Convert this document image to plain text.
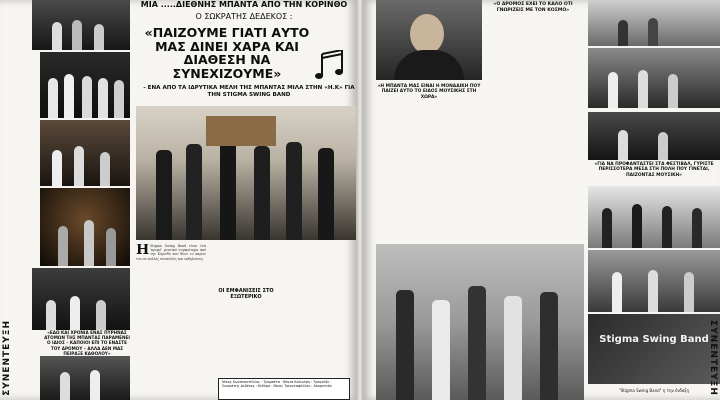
«ΕΔΩ ΚΑΙ ΧΡΟΝΙΑ ΕΝΑΣ ΠΥΡΗΝΑΣ ΑΤΟΜΩΝ ΤΗΣ ΜΠΑΝΤΑΣ ΠΑΡΑΜΕΝΕΙ Ο ΙΔΙΟΣ – ΚΑΠΟΙΟΙ ΕΠΙ ΤΟ ΕΝΑΣΤΕ ΤΟΥ ΔΡΟΜΟΥ – ΑΛΛΑ ΔΕΝ ΜΑΣ ΠΕΙΡΑΞΕ ΚΑΘΟΛΟΥ»
ΜΙΑ .....ΔΙΕΘΝΗΣ ΜΠΑΝΤΑ ΑΠΟ ΤΗΝ ΚΟΡΙΝΘΟ
Ο ΣΩΚΡΑΤΗΣ ΔΕΔΕΚΟΣ :
«ΠΑΙΖΟΥΜΕ ΓΙΑΤΙ ΑΥΤΟ ΜΑΣ ΔΙΝΕΙ ΧΑΡΑ ΚΑΙ ΔΙΑΘΕΣΗ ΝΑ ΣΥΝΕΧΙΖΟΥΜΕ»
- ΕΝΑ ΑΠΟ ΤΑ ΙΔΡΥΤΙΚΑ ΜΕΛΗ ΤΗΣ ΜΠΑΝΤΑΣ ΜΙΛΑ ΣΤΗΝ «Η.Κ» ΓΙΑ ΤΗΝ STIGMA SWING BAND
Η Stigma Swing Band είναι ένα 'κρυφό' μουσικό συγκρότημα από την Κόρινθο που δίνει το παρών του σε πολλές συναυλίες και εκδηλώσεις.
ΟΙ ΕΜΦΑΝΙΣΕΙΣ ΣΤΟ ΕΞΩΤΕΡΙΚΟ
Νίκος Κωνσταντέλλος : Τρομπέτα · Βάγια Κολιούρη : Τραγούδι · Σωκράτης Δεδέκος : Κιθάρα · Νίκος Τριανταφύλλου : Ακορντεόν
ΣΥΝΕΝΤΕΥΞΗ
«Ο ΔΡΟΜΟΣ ΕΧΕΙ ΤΟ ΚΑΛΟ ΟΤΙ ΓΝΩΡΙΖΕΙΣ ΜΕ ΤΟΝ ΚΟΣΜΟ»
«Η ΜΠΑΝΤΑ ΜΑΣ ΕΙΝΑΙ Η ΜΟΝΑΔΙΚΗ ΠΟΥ ΠΑΙΖΕΙ ΑΥΤΟ ΤΟ ΕΙΔΟΣ ΜΟΥΣΙΚΗΣ ΣΤΗ ΧΩΡΑ»
«ΓΙΑ ΝΑ ΠΡΟΦΑΝΤΑΣΤΕΙ ΣΤΑ ΦΕΣΤΙΒΑΛ, ΓΥΡΙΣΤΕ ΠΕΡΙΣΣΟΤΕΡΑ ΜΕΣΑ ΣΤΗ ΠΟΛΗ ΠΟΥ ΓΙΝΕΤΑΙ, ΠΑΙΖΟΝΤΑΣ ΜΟΥΣΙΚΗ»
Stigma Swing Band
"Stigma Swing Band" η την ένδοξη	ΣΥΝΕΝΤΕΥΞΗ
